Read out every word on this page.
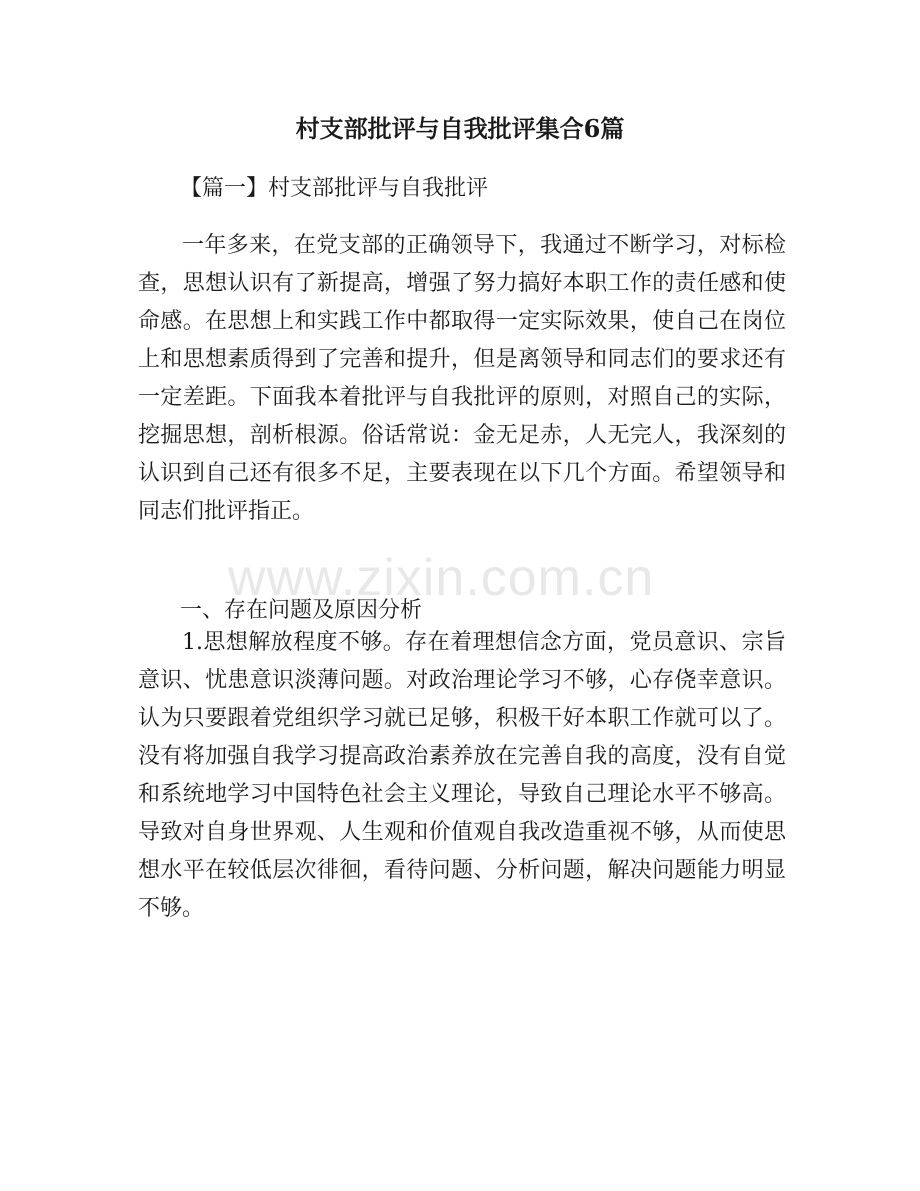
村支部批评与自我批评集合6篇
【篇一】村支部批评与自我批评

一年多来，在党支部的正确领导下，我通过不断学习，对标检查，思想认识有了新提高，增强了努力搞好本职工作的责任感和使命感。在思想上和实践工作中都取得一定实际效果，使自己在岗位上和思想素质得到了完善和提升，但是离领导和同志们的要求还有一定差距。下面我本着批评与自我批评的原则，对照自己的实际，挖掘思想，剖析根源。俗话常说：金无足赤，人无完人，我深刻的认识到自己还有很多不足，主要表现在以下几个方面。希望领导和同志们批评指正。

一、存在问题及原因分析

1.思想解放程度不够。存在着理想信念方面，党员意识、宗旨意识、忧患意识淡薄问题。对政治理论学习不够，心存侥幸意识。认为只要跟着党组织学习就已足够，积极干好本职工作就可以了。没有将加强自我学习提高政治素养放在完善自我的高度，没有自觉和系统地学习中国特色社会主义理论，导致自己理论水平不够高。导致对自身世界观、人生观和价值观自我改造重视不够，从而使思想水平在较低层次徘徊，看待问题、分析问题，解决问题能力明显不够。

www.zixin.com.cn
